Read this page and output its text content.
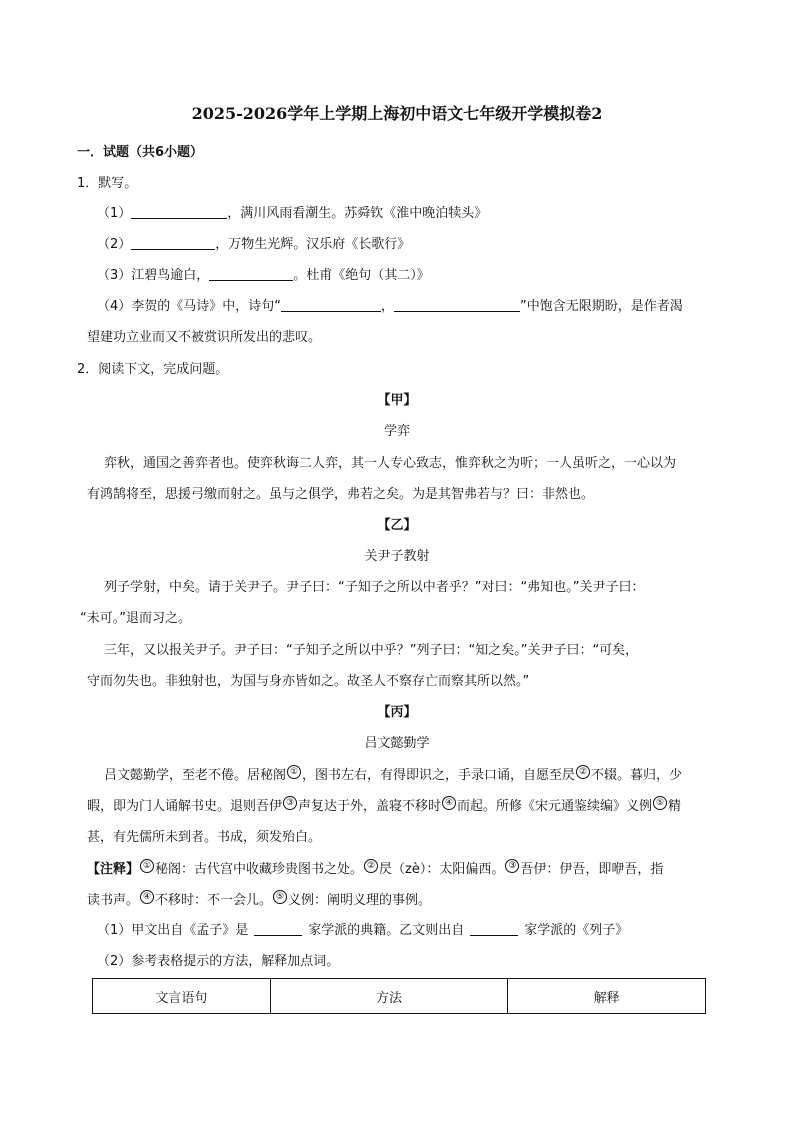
2025-2026学年上学期上海初中语文七年级开学模拟卷2
一．试题（共6小题）
1．默写。
（1）	，满川风雨看潮生。苏舜钦《淮中晚泊犊头》
（2）	，万物生光辉。汉乐府《长歌行》
（3）江碧鸟逾白，	。杜甫《绝句（其二）》
（4）李贺的《马诗》中，诗句“	，	”中饱含无限期盼，是作者渴
望建功立业而又不被赏识所发出的悲叹。
2．阅读下文，完成问题。
【甲】
学弈
弈秋，通国之善弈者也。使弈秋诲二人弈，其一人专心致志，惟弈秋之为听；一人虽听之，一心以为
有鸿鹄将至，思援弓缴而射之。虽与之俱学，弗若之矣。为是其智弗若与？曰：非然也。
【乙】
关尹子教射
列子学射，中矣。请于关尹子。尹子曰：“子知子之所以中者乎？”对曰：“弗知也。”关尹子曰：
“未可。”退而习之。
三年，又以报关尹子。尹子曰：“子知子之所以中乎？”列子曰：“知之矣。”关尹子曰：“可矣，
守而勿失也。非独射也，为国与身亦皆如之。故圣人不察存亡而察其所以然。”
【丙】
吕文懿勤学
吕文懿勤学，至老不倦。居秘阁 ① ，图书左右，有得即识之，手录口诵，自愿至昃 ② 不辍。暮归，少
暇，即为门人诵解书史。退则吾伊 ③ 声复达于外，盖寝不移时 ④ 而起。所修《宋元通鉴续编》义例 ⑤ 精
甚，有先儒所未到者。书成，须发殆白。
【注释】 ① 秘阁：古代宫中收藏珍贵图书之处。 ② 昃（zè）：太阳偏西。 ③ 吾伊：伊吾，即咿吾，指
读书声。 ④ 不移时：不一会儿。 ⑤ 义例：阐明义理的事例。
（1）甲文出自《孟子》是	家学派的典籍。乙文则出自	家学派的《列子》
（2）参考表格提示的方法，解释加点词。
文言语句	方法	解释
